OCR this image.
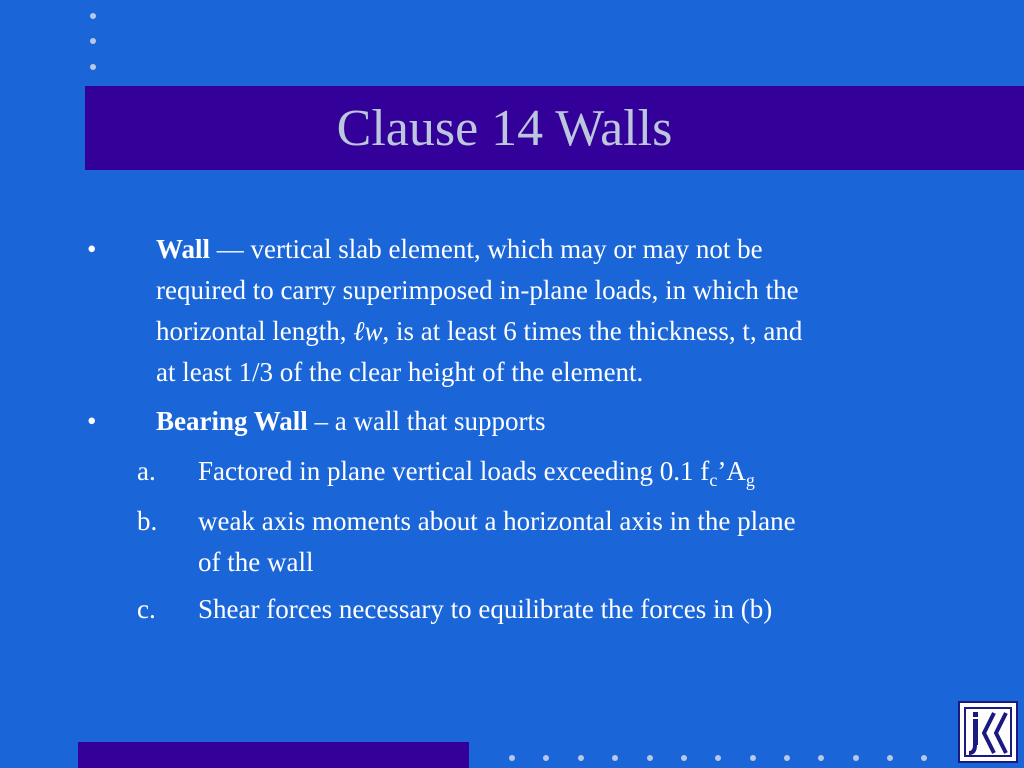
Clause 14 Walls
• Wall — vertical slab element, which may or may not be
required to carry superimposed in-plane loads, in which the
horizontal length, ℓw, is at least 6 times the thickness, t, and
at least 1/3 of the clear height of the element.
• Bearing Wall – a wall that supports
a. Factored in plane vertical loads exceeding 0.1 $f_c’A_g$
b. weak axis moments about a horizontal axis in the plane
of the wall
c. Shear forces necessary to equilibrate the forces in (b)
